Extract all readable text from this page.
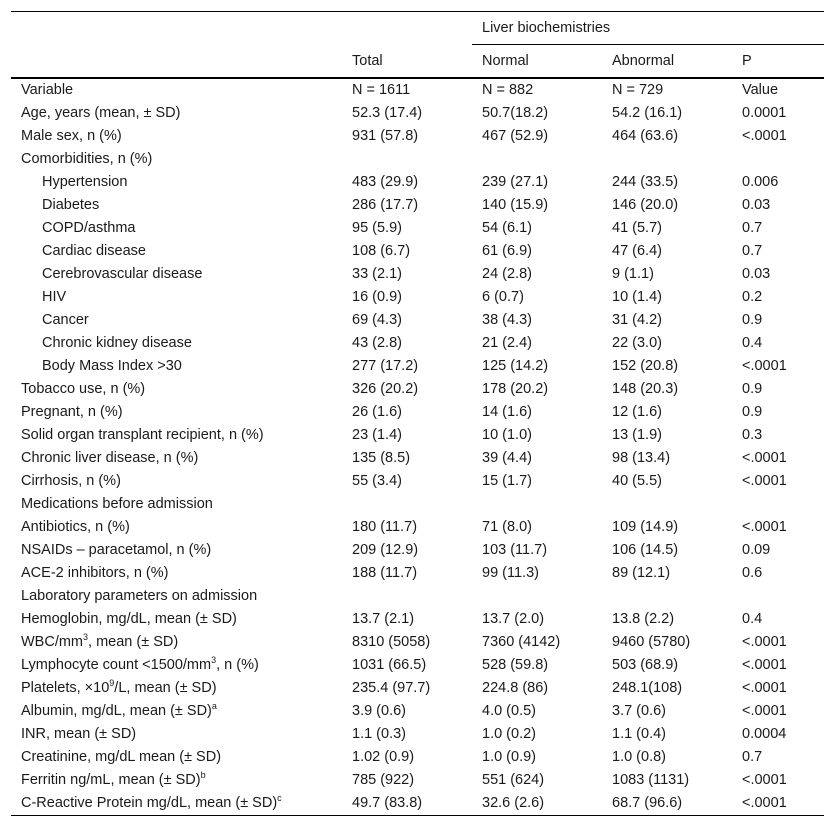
		Liver biochemistries		
	Total	Normal	Abnormal	P
Variable	N = 1611	N = 882	N = 729	Value
Age, years (mean, ± SD)	52.3 (17.4)	50.7(18.2)	54.2 (16.1)	0.0001
Male sex, n (%)	931 (57.8)	467 (52.9)	464 (63.6)	<.0001
Comorbidities, n (%)				
Hypertension	483 (29.9)	239 (27.1)	244 (33.5)	0.006
Diabetes	286 (17.7)	140 (15.9)	146 (20.0)	0.03
COPD/asthma	95 (5.9)	54 (6.1)	41 (5.7)	0.7
Cardiac disease	108 (6.7)	61 (6.9)	47 (6.4)	0.7
Cerebrovascular disease	33 (2.1)	24 (2.8)	9 (1.1)	0.03
HIV	16 (0.9)	6 (0.7)	10 (1.4)	0.2
Cancer	69 (4.3)	38 (4.3)	31 (4.2)	0.9
Chronic kidney disease	43 (2.8)	21 (2.4)	22 (3.0)	0.4
Body Mass Index >30	277 (17.2)	125 (14.2)	152 (20.8)	<.0001
Tobacco use, n (%)	326 (20.2)	178 (20.2)	148 (20.3)	0.9
Pregnant, n (%)	26 (1.6)	14 (1.6)	12 (1.6)	0.9
Solid organ transplant recipient, n (%)	23 (1.4)	10 (1.0)	13 (1.9)	0.3
Chronic liver disease, n (%)	135 (8.5)	39 (4.4)	98 (13.4)	<.0001
Cirrhosis, n (%)	55 (3.4)	15 (1.7)	40 (5.5)	<.0001
Medications before admission				
Antibiotics, n (%)	180 (11.7)	71 (8.0)	109 (14.9)	<.0001
NSAIDs – paracetamol, n (%)	209 (12.9)	103 (11.7)	106 (14.5)	0.09
ACE-2 inhibitors, n (%)	188 (11.7)	99 (11.3)	89 (12.1)	0.6
Laboratory parameters on admission				
Hemoglobin, mg/dL, mean (± SD)	13.7 (2.1)	13.7 (2.0)	13.8 (2.2)	0.4
WBC/$mm^3$, mean (± SD)	8310 (5058)	7360 (4142)	9460 (5780)	<.0001
Lymphocyte count $<1500/mm^3$, n (%)	1031 (66.5)	528 (59.8)	503 (68.9)	<.0001
Platelets, $\times 10^9/L$, mean (± SD)	235.4 (97.7)	224.8 (86)	248.1(108)	<.0001
Albumin, mg/dL, mean (± SD)$^a$	3.9 (0.6)	4.0 (0.5)	3.7 (0.6)	<.0001
INR, mean (± SD)	1.1 (0.3)	1.0 (0.2)	1.1 (0.4)	0.0004
Creatinine, mg/dL mean (± SD)	1.02 (0.9)	1.0 (0.9)	1.0 (0.8)	0.7
Ferritin ng/mL, mean (± SD)$^b$	785 (922)	551 (624)	1083 (1131)	<.0001
C-Reactive Protein mg/dL, mean (± SD)$^c$	49.7 (83.8)	32.6 (2.6)	68.7 (96.6)	<.0001
